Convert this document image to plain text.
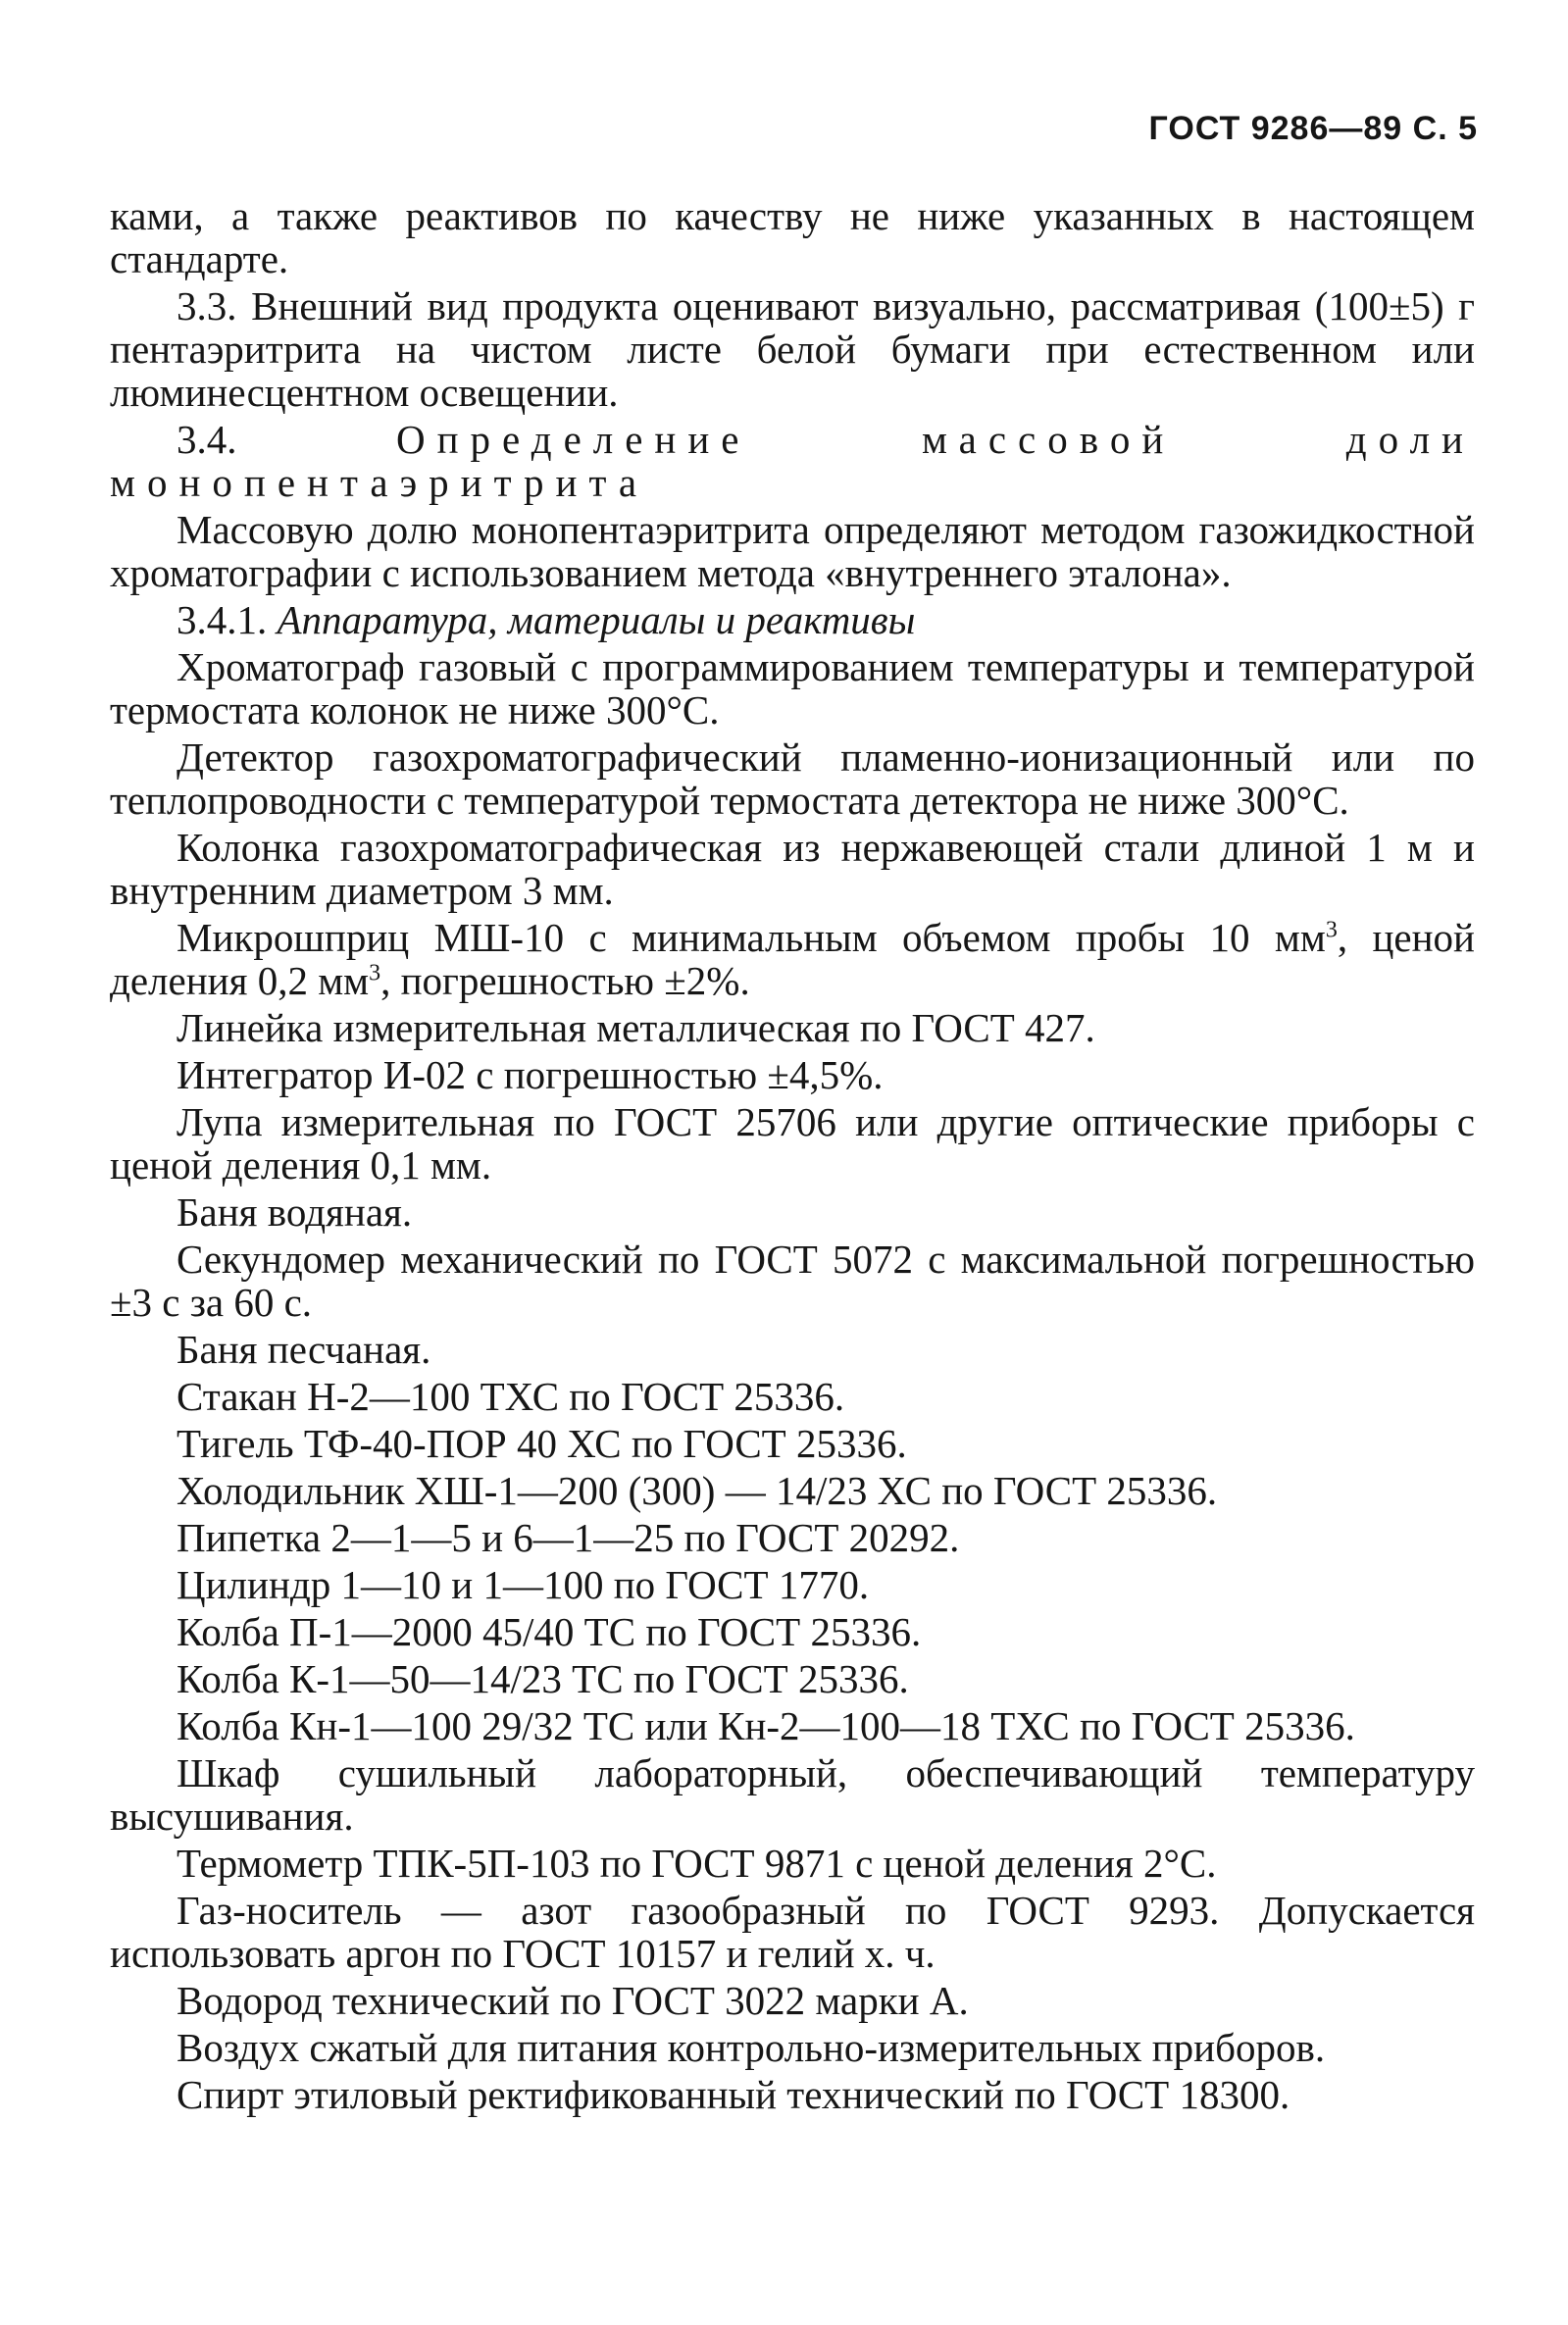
ГОСТ 9286—89 С. 5

ками, а также реактивов по качеству не ниже указанных в настоящем стандарте.

3.3. Внешний вид продукта оценивают визуально, рассматривая (100±5) г пентаэритрита на чистом листе белой бумаги при естественном или люминесцентном освещении.

3.4.	Определение массовой доли монопентаэритрита

Массовую долю монопентаэритрита определяют методом газожидкостной хроматографии с использованием метода «внутреннего эталона».

3.4.1. Аппаратура, материалы и реактивы

Хроматограф газовый с программированием температуры и температурой термостата колонок не ниже 300°С.

Детектор газохроматографический пламенно-ионизационный или по теплопроводности с температурой термостата детектора не ниже 300°С.

Колонка газохроматографическая из нержавеющей стали длиной 1 м и внутренним диаметром 3 мм.

Микрошприц МШ-10 с минимальным объемом пробы 10 $мм^3$, ценой деления 0,2 $мм^3$, погрешностью ±2%.

Линейка измерительная металлическая по ГОСТ 427.

Интегратор И-02 с погрешностью ±4,5%.

Лупа измерительная по ГОСТ 25706 или другие оптические приборы с ценой деления 0,1 мм.

Баня водяная.

Секундомер механический по ГОСТ 5072 с максимальной погрешностью ±3 с за 60 с.

Баня песчаная.

Стакан Н-2—100 ТХС по ГОСТ 25336.

Тигель ТФ-40-ПОР 40 ХС по ГОСТ 25336.

Холодильник ХШ-1—200 (300) — 14/23 ХС по ГОСТ 25336.

Пипетка 2—1—5 и 6—1—25 по ГОСТ 20292.

Цилиндр 1—10 и 1—100 по ГОСТ 1770.

Колба П-1—2000 45/40 ТС по ГОСТ 25336.

Колба К-1—50—14/23 ТС по ГОСТ 25336.

Колба Кн-1—100 29/32 ТС или Кн-2—100—18 ТХС по ГОСТ 25336.

Шкаф сушильный лабораторный, обеспечивающий температуру высушивания.

Термометр ТПК-5П-103 по ГОСТ 9871 с ценой деления 2°С.

Газ-носитель — азот газообразный по ГОСТ 9293. Допускается использовать аргон по ГОСТ 10157 и гелий х. ч.

Водород технический по ГОСТ 3022 марки А.

Воздух сжатый для питания контрольно-измерительных приборов.

Спирт этиловый ректификованный технический по ГОСТ 18300.
